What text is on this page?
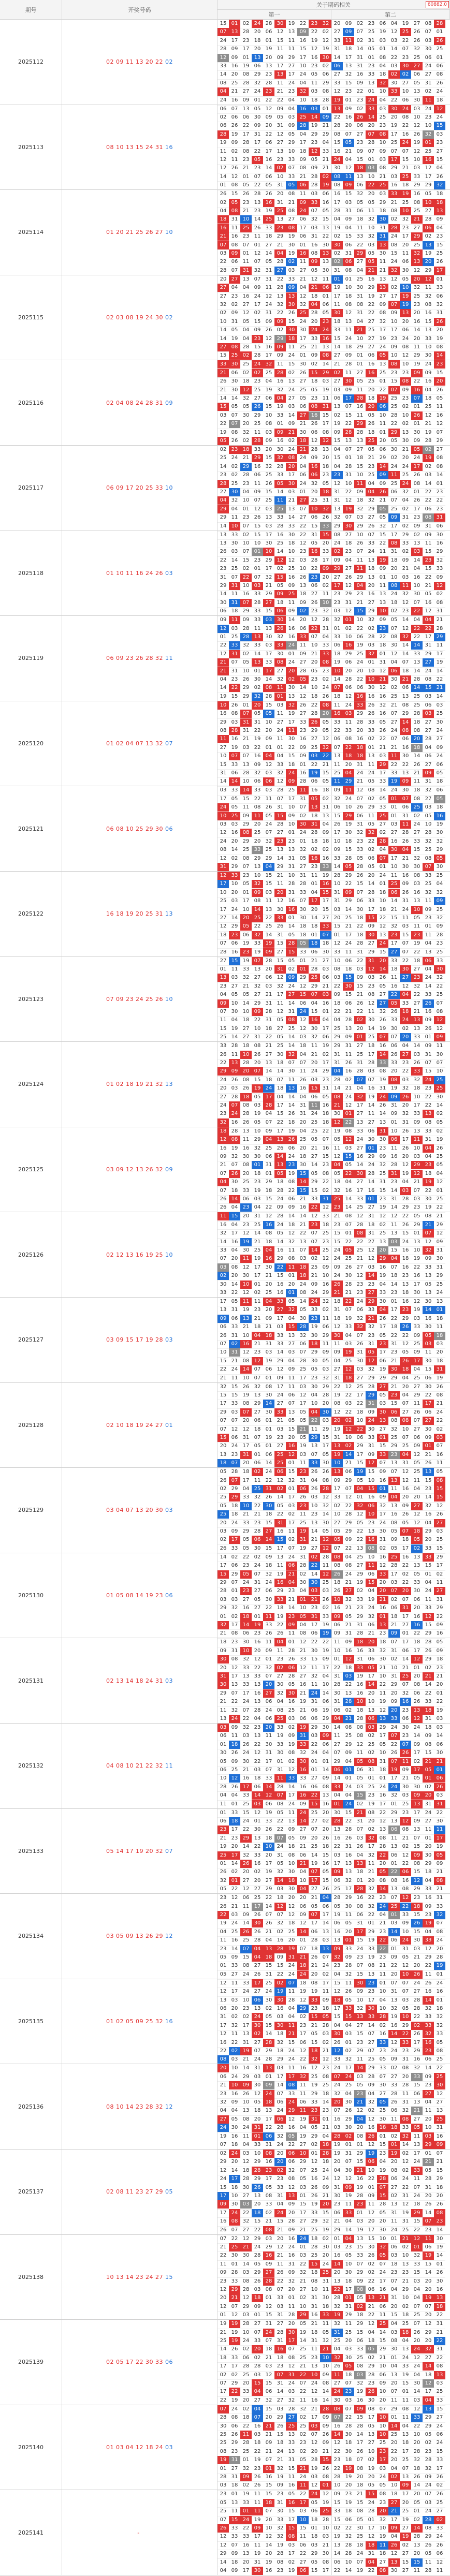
期号	开奖号码
关于期码相关
第一	第二
60882.0
2025112	02 09 11 13 20 22 02
15 01 02 24 28 30 19 22 23 32 20 09 02 23 06 04 19 27 08 28
07 13 28 20 06 12 13 09 22 02 27 09 07 25 19 12 25 26 07 01
24 17 23 18 01 15 11 16 19 12 33 11 02 31 03 03 22 26 03 26
28 09 17 20 19 11 11 15 12 19 31 18 14 05 01 14 07 32 30 25
12 09 01 13 20 09 29 17 16 30 14 17 31 01 08 22 23 25 06 01
33 16 19 06 13 17 27 10 23 02 06 13 31 23 04 03 30 27 24 06
14 20 08 29 23 13 17 24 05 06 27 32 16 33 18 02 02 06 27 08
08 25 28 32 28 11 24 04 11 29 33 15 09 13 32 30 27 05 31 26
04 21 27 24 23 21 23 32 03 08 12 23 22 01 10 33 10 13 02 24
24 16 09 01 22 22 04 10 18 28 19 01 23 24 04 22 06 30 11 18
2025113	08 10 13 15 24 31 16
06 07 13 05 12 09 04 16 03 01 13 09 02 33 03 30 24 03 24 12
02 06 06 30 09 05 03 25 14 09 22 16 26 14 25 20 08 10 23 24
06 26 22 09 20 31 09 28 19 21 28 20 06 20 23 19 22 12 10 15
28 19 17 31 22 12 05 04 29 29 08 07 27 07 08 17 16 26 32 03
19 09 28 17 06 27 29 17 23 04 15 05 23 28 10 25 24 19 01 23
11 02 08 22 17 13 10 18 12 33 16 21 09 07 09 07 07 12 25 27
12 11 23 05 16 23 33 09 05 21 24 04 15 01 03 17 15 10 16 15
12 26 21 23 14 02 07 08 09 21 30 12 18 03 08 29 21 03 12 04
14 12 01 07 06 10 33 21 28 02 08 11 13 10 21 03 25 33 17 26
01 08 05 22 05 31 05 06 28 19 08 09 06 22 25 16 18 29 29 32
2025114	01 20 21 25 26 27 10
26 15 26 28 26 20 08 11 03 06 16 15 32 20 03 33 19 16 05 18
02 05 23 13 16 31 21 09 33 16 17 03 05 05 29 21 25 08 10 18
04 08 21 23 19 25 08 24 07 05 28 31 06 11 18 08 10 25 27 13
18 31 10 14 25 13 27 06 32 15 04 09 18 32 30 02 32 21 28 09
16 11 25 26 33 23 08 17 03 13 19 04 11 10 31 28 23 27 06 04
21 16 23 11 18 29 19 06 31 22 02 15 33 32 31 24 17 29 02 23
07 08 07 01 27 21 30 01 16 30 30 06 22 03 13 08 20 25 13 15
03 09 01 12 14 04 19 16 08 13 02 31 29 05 30 15 11 32 19 25
22 06 11 07 05 28 02 11 09 13 02 06 27 05 11 24 06 13 20 26
28 07 31 32 31 27 03 27 05 30 31 08 04 21 21 32 30 12 29 17
2025115	02 03 08 19 24 30 02
20 27 13 07 31 22 33 21 12 11 01 01 25 16 13 12 05 20 12 01
27 04 04 09 11 28 09 04 21 06 19 10 30 29 13 02 10 32 11 33
27 23 16 24 12 13 13 12 18 01 17 18 31 19 27 17 19 25 32 06
32 02 27 17 24 32 30 32 04 06 11 08 08 22 09 07 19 23 08 32
02 09 12 02 31 22 26 25 28 05 30 12 31 22 08 09 13 20 16 31
10 31 05 15 09 09 15 24 20 23 18 13 04 27 32 10 20 16 15 26
14 05 04 09 26 02 30 30 24 24 33 11 21 25 17 17 06 14 13 20
14 19 04 23 12 29 18 17 33 16 15 24 10 27 19 23 24 20 33 19
27 08 28 15 16 09 11 25 21 13 14 18 29 27 24 09 08 11 10 08
15 25 02 28 17 09 24 01 09 08 27 09 01 06 05 10 12 29 30 14
2025116	02 04 08 24 28 31 09
33 30 25 24 32 11 15 30 02 14 21 28 01 16 13 08 10 19 24 23
21 06 02 02 25 28 02 26 15 29 02 11 27 16 25 23 23 09 09 15
26 30 18 23 04 16 13 27 18 03 27 30 05 25 01 15 08 22 16 20
21 30 12 25 19 32 24 25 05 19 03 09 11 20 22 07 09 16 04 26
14 14 32 27 06 04 27 05 23 11 06 17 28 18 19 25 23 07 18 05
15 05 05 26 15 19 03 06 08 31 13 07 16 20 06 25 02 01 25 11
03 07 30 29 10 33 14 27 16 15 02 15 11 05 10 28 10 26 12 16
22 07 20 25 08 01 09 21 26 17 19 22 29 26 11 22 02 01 21 12
19 08 32 11 03 09 21 30 06 08 09 28 28 18 01 29 13 30 19 07
05 26 02 28 09 16 02 18 12 12 15 13 13 25 20 05 30 09 28 29
2025117	06 09 17 20 25 33 10
02 23 18 33 20 30 24 21 28 13 04 07 27 05 06 30 21 05 02 27
25 24 21 29 15 32 08 24 09 20 15 01 18 21 29 02 20 24 19 08
14 02 29 16 32 28 20 04 16 18 04 28 15 23 14 24 24 17 02 08
23 02 28 06 25 33 17 06 06 23 23 31 10 25 09 11 25 26 03 14
28 25 23 11 26 05 30 24 32 05 12 10 11 04 09 25 24 08 14 01
27 30 04 09 15 14 03 01 20 18 31 22 09 04 26 06 32 01 22 23
04 32 10 07 25 11 21 27 25 31 31 12 18 32 21 07 04 26 22 22
29 04 01 12 03 25 13 07 10 32 13 19 32 29 05 25 02 17 06 23
29 11 23 26 13 33 14 27 06 26 32 07 03 27 05 09 31 23 08 31
14 10 07 15 03 28 33 22 15 33 29 30 29 26 32 17 02 09 31 06
2025118	01 10 11 16 24 26 03
13 33 02 15 17 16 30 22 31 15 08 27 10 07 15 17 29 02 09 30
13 30 10 10 30 25 18 12 05 20 24 18 26 33 22 08 33 13 11 16
26 03 07 01 10 14 10 23 16 33 02 23 07 24 11 31 02 03 15 29
22 14 15 23 29 12 12 03 28 17 09 04 11 13 19 18 09 14 23 32
23 25 02 01 17 02 25 10 22 09 29 27 11 18 09 20 21 04 15 33
31 07 22 07 32 15 16 26 23 20 27 26 29 13 01 10 03 16 22 09
29 31 10 03 21 05 09 13 06 02 17 12 04 20 11 08 11 10 21 12
14 11 16 33 29 09 25 18 27 11 23 29 23 16 13 24 32 30 05 02
30 31 07 28 27 18 11 09 26 10 23 31 21 27 13 18 12 07 16 08
06 18 29 33 15 06 09 02 23 32 03 12 15 29 10 02 23 22 12 31
2025119	06 09 23 26 28 32 11
09 11 09 33 03 30 14 20 12 28 32 01 10 32 09 05 14 04 04 21
12 03 28 11 13 26 16 06 22 31 01 02 22 02 23 07 12 22 22 28
01 25 28 13 30 32 16 33 07 04 33 10 06 28 22 08 32 22 17 29
22 33 32 33 03 33 24 11 10 33 06 16 19 03 18 30 14 14 31 11
12 31 02 14 17 30 01 09 21 33 18 29 25 32 01 12 14 33 29 17
21 07 05 13 33 08 24 27 20 08 19 06 24 01 31 04 07 13 27 19
21 31 10 01 17 27 20 28 05 23 10 20 20 10 12 06 18 14 24 14
04 23 26 30 14 32 02 05 23 02 14 28 22 10 21 30 21 28 08 22
14 22 29 02 08 11 30 14 10 24 07 06 06 30 12 02 06 14 15 21
19 15 29 32 28 01 13 12 18 26 18 12 16 16 16 25 13 25 03 14
2025120	01 02 04 07 13 32 07
10 26 01 20 15 03 32 26 22 08 11 24 33 26 32 21 08 25 06 03
16 08 07 05 05 11 19 27 28 20 16 03 29 26 16 07 29 28 03 25
29 03 31 31 10 27 17 33 26 05 33 11 28 33 05 27 14 18 27 30
08 28 31 22 20 24 11 23 29 05 22 33 20 33 26 24 08 08 27 24
11 16 21 19 09 11 30 16 27 12 06 08 16 02 22 07 06 20 28 27
27 19 03 22 01 01 22 09 25 32 07 22 18 01 21 21 16 18 04 09
10 07 07 16 04 04 15 09 03 22 13 18 18 13 03 11 30 14 06 24
15 33 13 09 12 33 18 01 22 21 11 20 31 11 29 22 22 26 27 06
31 06 28 32 03 32 24 16 19 15 25 04 24 24 17 33 13 21 09 05
14 14 10 06 06 12 09 28 06 05 11 29 21 05 33 19 09 11 31 18
2025121	06 08 10 25 29 30 06
03 33 14 33 03 28 25 11 16 18 09 11 12 08 14 24 30 18 32 06
17 05 15 22 11 07 17 31 05 02 32 24 07 02 05 01 07 08 27 05
24 05 11 08 26 31 10 07 13 31 06 10 26 29 33 01 06 25 03 18
10 25 09 11 05 15 09 02 18 13 15 29 06 11 25 01 31 02 05 16
03 03 29 20 24 28 10 30 31 04 26 19 31 05 27 03 11 24 10 19
12 16 08 25 07 27 01 24 28 09 17 30 32 32 02 27 28 27 28 30
24 20 29 20 32 23 23 01 18 18 10 18 23 22 28 16 26 33 32 32
08 14 25 33 25 13 13 32 02 02 09 15 33 02 04 30 04 15 25 29
12 02 08 29 29 14 31 05 16 16 33 28 05 06 07 17 21 32 08 05
31 29 07 13 04 29 31 27 23 33 14 05 28 05 01 10 30 30 07 30
2025122	16 18 19 20 25 31 13
12 33 23 10 15 21 10 31 11 19 28 29 26 20 24 11 16 08 33 25
17 10 05 32 15 11 28 28 01 16 10 22 15 14 01 25 09 03 25 04
10 20 01 09 03 20 31 33 04 15 31 09 07 28 18 06 26 16 32 32
25 03 17 08 11 12 16 07 17 17 31 29 06 33 10 14 31 13 11 09
17 24 10 14 13 30 16 30 20 15 03 14 30 17 18 21 24 10 09 25
27 14 20 25 22 33 01 30 14 27 20 25 18 15 22 15 11 05 23 32
12 29 05 22 25 26 14 18 18 33 15 21 22 09 12 32 03 11 01 09
18 23 06 32 14 31 05 18 01 07 01 17 18 30 13 23 15 23 11 28
07 06 19 33 19 15 28 05 18 18 12 24 28 27 24 17 07 19 04 23
28 16 23 19 09 27 15 33 06 30 33 11 31 29 15 27 07 22 13 25
2025123	07 09 23 24 25 26 10
27 15 19 07 28 15 05 01 21 27 10 06 22 31 20 33 22 18 06 33
01 11 33 13 20 31 02 01 28 03 08 18 03 12 14 18 30 27 04 30
13 03 32 27 06 12 09 29 25 06 03 15 09 03 26 11 27 23 24 32
23 27 21 32 03 32 24 12 29 21 22 30 15 23 05 16 12 32 14 22
04 05 05 27 21 17 27 15 07 03 09 15 21 08 27 22 04 22 33 25
09 10 14 29 31 11 14 06 04 16 18 06 26 12 27 05 33 27 26 07
07 30 10 09 28 12 31 24 15 01 22 21 22 11 32 26 18 21 16 08
11 04 18 22 31 05 08 12 16 04 04 28 02 30 26 33 24 13 09 12
15 19 27 10 18 27 25 12 30 17 25 13 20 14 19 30 02 13 26 12
25 14 27 31 22 05 14 03 32 06 29 09 01 25 07 07 20 33 01 09
2025124	01 02 18 19 21 32 13
33 28 18 08 21 25 14 18 11 19 29 31 27 18 16 06 04 14 09 11
26 11 10 26 27 30 32 04 21 02 31 11 25 17 14 26 27 03 31 30
22 13 28 20 13 18 07 07 20 17 31 26 31 28 33 33 23 26 07 07
29 09 20 07 14 14 30 11 24 29 04 16 28 03 08 20 22 33 15 10
24 26 08 15 18 07 11 26 03 23 28 02 07 07 19 08 03 32 24 25
20 03 26 19 24 18 13 16 15 31 14 21 04 16 31 19 32 18 23 25
27 28 18 05 17 04 14 04 06 05 08 24 32 19 24 09 26 10 22 30
24 07 08 03 28 17 14 31 11 16 21 12 17 14 26 31 20 17 22 14
23 24 28 19 04 15 26 31 24 18 30 01 27 11 14 09 32 33 13 02
32 16 26 05 07 22 18 20 25 18 12 22 13 27 13 01 31 09 08 05
2025125	03 09 12 13 26 32 09
18 28 13 10 09 17 19 04 25 22 19 08 33 06 31 10 26 13 33 02
12 08 11 29 04 13 26 25 05 07 05 12 24 30 30 06 17 11 31 19
16 19 16 32 25 26 06 20 21 16 11 03 27 01 23 11 26 10 04 26
09 32 30 30 06 14 24 18 27 15 12 15 16 29 09 16 20 03 04 25
21 07 08 01 31 13 23 30 14 23 04 05 14 24 32 28 12 29 23 05
07 26 20 18 01 05 19 15 05 08 05 22 30 28 25 31 19 12 18 04
04 30 25 23 29 18 08 14 29 22 18 04 27 14 31 23 04 21 19 12
07 18 33 19 18 28 22 15 15 02 32 16 17 16 15 14 03 07 22 01
26 14 06 03 15 24 06 21 33 31 25 14 33 01 23 31 28 03 30 25
26 04 23 04 22 09 09 16 22 12 23 14 25 27 19 14 29 23 19 22
2025126	02 12 13 16 19 25 10
11 15 20 31 12 28 14 14 12 33 21 08 12 31 12 12 22 05 08 21
16 04 23 25 16 24 18 21 23 18 23 07 28 18 02 11 26 29 21 29
32 17 12 14 08 05 12 22 07 25 15 01 08 31 25 13 15 01 07 12
14 16 19 21 18 14 32 13 07 23 15 22 22 27 13 03 24 13 12 09
33 04 30 25 04 16 11 07 14 25 24 05 25 12 20 15 16 10 32 31
07 20 11 19 16 29 08 03 02 12 24 25 21 12 29 04 18 19 09 30
03 08 12 17 30 22 11 18 25 09 09 26 27 03 16 07 16 22 33 31
02 20 30 17 21 15 01 18 21 10 24 30 12 14 19 18 23 16 13 29
30 14 10 01 20 16 20 24 09 16 26 28 23 23 04 14 13 17 05 25
33 22 12 02 25 16 01 08 24 29 21 21 23 27 33 23 18 30 13 24
2025127	03 09 15 17 19 28 03
17 05 11 11 04 33 05 14 24 32 18 22 24 29 30 01 16 12 30 13
13 31 19 23 20 27 32 05 33 02 31 07 06 33 04 17 23 19 14 01
09 06 13 21 09 17 04 30 23 11 18 19 32 21 26 22 29 03 16 18
06 33 21 18 21 03 15 28 19 06 12 33 32 32 17 18 26 33 30 11
26 31 10 04 18 33 13 32 30 29 30 04 07 23 05 22 22 09 05 18
07 02 16 21 31 33 27 06 18 11 11 03 26 31 23 31 12 25 03 03
10 31 12 23 03 14 03 07 29 09 09 19 31 05 17 23 05 09 11 20
15 21 08 12 19 29 04 28 30 05 04 25 30 12 06 21 26 17 30 18
22 24 14 07 06 12 09 25 05 03 27 12 03 32 19 30 18 04 15 31
21 11 10 07 01 09 11 17 23 32 31 18 27 29 29 29 04 25 06 19
2025128	02 10 18 19 24 27 01
32 15 26 32 08 17 11 03 30 29 22 12 25 28 27 21 20 27 30 26
15 15 19 13 30 24 06 12 04 28 19 22 17 29 05 23 04 29 22 08
17 33 08 29 14 27 07 17 10 20 08 03 22 31 03 15 07 11 17 21
29 03 07 27 30 33 13 05 04 30 12 22 18 09 30 06 27 26 06 24
07 07 20 06 01 21 05 05 22 03 20 02 10 24 13 08 08 07 27 22
07 12 12 18 01 03 15 21 11 29 19 12 22 30 27 32 10 27 30 02
15 06 31 07 19 23 20 05 29 15 31 10 06 33 01 25 07 06 09 03
20 24 17 05 01 27 16 19 13 17 13 02 29 31 15 29 25 09 01 07
13 23 31 01 06 25 12 03 07 05 19 14 17 09 33 23 04 12 21 16
18 07 20 06 14 25 01 11 33 30 10 21 15 12 07 13 31 05 26 11
2025129	03 04 07 13 20 30 03
05 28 18 02 24 06 15 23 26 26 13 06 19 15 09 07 12 25 13 05
26 07 17 11 22 12 32 31 04 08 09 29 05 10 16 13 12 11 15 08
02 29 04 25 31 02 01 06 26 28 17 07 04 15 01 11 16 04 23 15
25 29 33 32 26 14 17 26 03 12 33 12 01 16 09 04 20 20 14 15
05 18 10 22 30 05 03 23 10 32 02 22 32 06 32 13 09 27 32 12
25 18 21 21 18 22 02 11 23 14 10 28 12 10 17 16 26 12 16 26
20 24 33 23 15 31 17 25 13 30 27 29 05 23 24 08 05 12 04 27
03 09 29 28 27 16 11 19 14 05 05 29 22 13 30 05 07 18 29 03
02 17 05 06 14 15 02 31 21 12 05 09 22 16 31 09 18 05 20 25
26 33 05 30 15 17 07 19 27 12 07 22 13 08 02 05 17 02 33 15
2025130	01 05 08 14 19 23 06
14 02 22 02 09 13 24 31 02 28 08 04 25 10 16 25 16 13 33 29
17 06 23 24 18 11 06 28 22 11 08 08 27 11 12 28 22 13 15 17
15 29 05 07 32 19 21 02 14 12 26 24 29 06 33 17 02 05 01 02
29 07 24 31 24 16 04 30 30 25 18 21 19 15 20 03 22 33 04 11
28 01 23 27 06 29 23 04 03 03 26 27 02 04 20 07 20 30 24 27
03 03 27 05 30 33 21 01 21 26 10 32 33 19 21 02 07 06 11 31
29 32 16 27 22 18 14 10 23 02 16 21 23 24 16 06 31 20 33 29
01 02 18 01 11 19 23 05 31 33 09 05 29 32 01 18 17 16 12 22
32 17 14 19 33 22 09 04 17 19 06 21 31 06 13 21 27 16 15 09
21 08 06 23 26 26 11 08 06 19 09 31 28 21 23 09 01 22 29 16
2025131	02 13 14 18 24 31 03
18 23 30 16 11 04 01 12 22 22 11 09 18 20 18 07 17 18 28 05
09 31 10 20 09 11 28 21 30 19 10 16 16 33 32 31 06 17 26 09
30 08 32 12 01 23 26 33 15 09 01 12 31 06 30 02 14 12 29 18
20 12 33 22 32 02 06 12 11 17 22 18 33 05 21 10 21 01 02 23
31 17 13 33 07 27 28 27 32 04 31 03 19 17 10 31 25 20 21 21
30 13 33 13 20 30 05 16 11 10 28 22 16 14 22 29 07 08 14 20
29 07 17 16 27 32 30 21 24 14 30 13 16 20 11 20 32 06 22 01
21 22 24 13 06 04 16 19 31 06 31 28 10 10 19 09 16 26 33 22
11 32 07 28 24 08 25 21 06 19 06 02 18 13 12 20 23 13 18 19
13 24 22 04 06 25 03 06 06 29 04 21 28 06 13 33 06 12 31 03
2025132	04 08 10 21 22 32 11
03 09 32 23 20 33 02 19 29 30 14 08 08 03 29 24 30 24 18 03
06 11 03 13 11 19 09 31 03 09 11 25 08 02 17 07 23 14 09 14
01 18 26 22 30 33 19 33 22 06 27 29 12 25 05 22 07 09 08 06
30 26 24 12 31 30 08 32 24 04 07 09 11 02 10 26 26 17 15 30
05 09 30 22 17 01 02 30 01 01 29 04 05 08 31 07 11 02 21 21
06 25 21 03 07 31 12 16 01 14 06 01 06 31 18 19 09 17 05 01
10 12 16 18 33 11 33 33 27 09 14 01 05 01 01 17 21 05 01 06
28 26 17 06 14 28 14 16 06 08 33 24 03 25 24 24 30 30 02 26
04 04 33 14 12 07 17 16 22 13 04 04 15 23 16 32 03 09 20 03
11 01 25 03 06 08 24 09 15 16 01 24 02 19 17 01 25 13 31 31
2025133	05 14 17 19 20 32 07
01 33 15 12 19 05 11 24 25 20 30 15 21 08 22 29 23 17 24 22
06 18 24 01 33 22 13 14 27 02 28 22 31 20 12 13 12 09 27 30
23 17 22 30 26 22 09 27 07 20 13 28 07 02 13 06 08 13 11 11
21 23 29 13 18 07 05 09 20 26 16 26 03 32 08 11 21 07 01 17
19 20 14 22 10 24 18 21 25 18 22 31 26 17 28 13 02 15 20 19
25 17 32 33 20 31 08 06 14 15 03 16 04 32 22 06 12 09 30 05
01 14 26 16 17 05 10 21 19 16 17 13 13 11 20 01 22 08 29 09
26 02 20 02 19 32 30 04 07 05 09 13 18 21 05 22 06 15 18 21
32 01 27 20 27 14 18 10 17 15 06 32 01 20 08 08 16 12 04 08
05 22 12 27 29 03 30 04 27 26 25 17 28 32 14 13 08 29 33 21
2025134	03 05 09 13 26 29 12
23 12 06 25 22 18 20 20 21 04 28 29 16 22 23 07 12 23 16 31
26 21 11 17 14 12 12 06 05 06 05 30 08 32 24 25 22 18 09 33
22 03 09 26 07 07 12 09 07 17 19 11 06 22 04 01 33 15 23 32
19 24 14 30 26 32 18 12 17 14 06 05 31 01 21 03 09 26 19 07
04 25 26 26 21 02 25 14 06 13 16 20 17 29 23 14 10 15 04 08
11 16 25 28 04 16 20 01 28 03 13 01 15 19 22 06 24 30 33 24
23 14 07 04 13 28 19 07 18 13 09 33 24 33 22 01 31 03 12 20
05 09 15 04 18 09 31 21 26 07 32 09 23 19 23 09 05 21 29 28
01 33 08 27 15 15 24 18 21 24 23 28 07 08 21 22 12 20 22 19
05 27 24 26 31 22 24 24 20 02 04 32 15 13 11 20 10 26 11 01
2025135	01 02 05 09 25 32 16
12 11 33 17 25 02 07 18 08 17 15 11 30 23 01 07 07 24 26 24
12 17 24 27 24 19 11 19 19 11 12 26 09 23 10 31 07 27 16 16
13 03 10 06 30 30 28 12 33 09 18 05 10 17 04 13 03 28 14 01
06 20 23 13 02 16 04 29 23 18 17 33 32 30 10 32 05 28 32 18
31 02 02 24 05 03 04 02 15 05 15 15 13 33 28 19 10 22 33 32
17 32 17 30 15 30 11 23 21 28 04 04 27 14 02 16 29 02 33 32
12 11 13 02 14 18 21 17 05 03 30 03 15 07 16 14 22 26 32 33
16 22 31 27 28 32 15 06 15 02 26 01 23 27 33 12 33 17 16 05
22 02 19 07 29 18 24 12 18 21 12 02 29 07 23 24 23 29 23 08
08 03 21 24 28 29 24 22 32 12 33 32 11 25 05 09 31 16 06 25
2025136	08 10 14 23 28 32 12
20 10 14 31 13 03 11 16 12 23 24 17 14 29 33 02 08 32 14 22
06 24 29 03 01 17 17 32 25 08 07 24 03 28 07 27 20 33 09 25
21 10 09 30 09 14 08 11 19 25 24 25 05 09 30 33 28 15 23 30
23 16 26 12 24 07 33 11 29 18 32 04 23 04 27 28 11 06 27 12
32 09 10 05 18 06 24 06 33 14 20 30 21 32 05 26 31 13 04 27
04 04 13 18 13 24 29 11 23 23 07 26 12 02 25 06 32 21 11 13
27 05 08 20 17 06 12 19 31 01 16 29 04 12 30 11 08 27 20 25
24 30 24 31 22 28 16 04 05 21 03 30 20 16 18 18 33 05 10 31
19 16 11 01 06 32 05 19 29 04 28 02 08 26 01 02 32 11 03 16
07 18 04 33 31 24 22 27 02 18 19 01 01 12 15 01 14 13 29 09
2025137	02 08 11 23 27 29 05
02 24 03 10 08 20 06 10 01 28 19 31 29 19 23 19 02 17 01 07
29 20 12 29 16 20 06 29 12 18 20 07 15 06 04 20 12 24 21 21
12 14 18 28 23 02 32 07 25 24 04 30 21 10 19 08 02 33 05 15
24 17 28 29 17 23 08 05 16 24 12 12 16 22 28 06 24 11 28 29
15 18 30 26 05 33 12 03 26 09 31 09 19 01 07 27 22 07 31 18
17 10 27 13 08 31 13 01 26 21 30 19 28 09 15 02 31 24 20 20
09 30 03 20 33 04 09 15 19 20 23 11 23 11 28 13 12 18 26 26
17 24 22 18 02 24 20 17 33 15 06 33 01 12 05 31 19 29 14 08
16 08 32 15 21 15 28 27 29 32 21 04 03 20 20 11 31 15 07 23
26 07 27 22 08 21 09 21 25 19 29 14 19 17 30 24 25 22 23 14
2025138	10 13 14 23 24 27 15
07 22 12 29 03 20 16 24 18 02 01 04 13 15 10 01 21 12 11 30
21 25 21 24 29 12 24 01 28 30 03 23 15 30 32 06 02 01 06 19
22 30 30 28 16 21 16 03 25 20 16 05 33 26 05 03 10 32 19 14
11 01 14 05 09 11 31 22 15 24 14 10 07 02 07 18 13 33 15 01
09 28 03 29 27 26 09 32 18 25 20 30 29 02 24 23 23 15 14 26
23 33 08 26 28 22 32 21 08 31 13 18 09 22 17 07 21 03 20 30
12 29 28 03 08 07 20 27 10 11 22 17 08 06 16 04 29 04 20 16
20 21 12 18 01 33 01 02 31 30 28 01 05 13 21 31 10 04 19 13
12 07 29 09 12 03 11 10 31 18 32 31 02 21 06 20 02 07 07 18
01 12 03 01 15 31 28 29 16 33 19 29 18 22 11 15 18 25 20 22
2025139	02 05 17 22 30 33 06
19 19 28 27 31 27 20 05 21 11 32 11 29 12 25 04 25 07 12 31
21 19 10 07 24 28 30 19 18 05 31 25 15 04 14 03 18 26 29 21
25 19 24 33 07 31 17 14 31 32 25 20 06 18 15 08 04 20 20 22
14 26 02 20 18 16 07 25 11 21 04 03 33 05 29 30 13 24 32 31
18 33 06 02 21 18 08 25 23 10 32 30 25 02 21 01 24 12 27 22
17 17 28 28 03 23 12 21 13 10 26 05 08 29 10 04 33 24 14 08
02 02 25 03 12 07 31 22 10 09 11 18 03 28 06 13 19 04 18 13
07 29 20 15 15 31 24 07 24 08 27 07 32 23 09 20 15 30 12 03
17 22 33 04 06 14 03 22 12 14 24 23 19 26 10 07 01 14 17 25
22 19 20 27 32 27 32 11 16 14 30 03 16 30 20 11 11 03 04 33
2025140	01 03 04 12 18 24 03
07 24 02 04 15 03 28 32 21 28 08 07 09 08 07 29 08 12 13 15
28 08 18 07 20 29 27 02 17 09 07 22 15 17 10 01 11 33 29 27
30 06 22 16 21 26 25 25 03 09 16 28 28 05 10 14 04 22 29 24
25 26 11 03 21 15 13 02 07 26 14 30 14 13 10 25 13 10 05 06
25 29 28 18 09 18 33 23 12 09 12 18 17 27 25 20 18 20 02 24
08 23 25 22 21 24 13 02 20 21 22 30 26 10 23 22 17 28 23 15
19 31 01 19 07 21 31 05 28 15 23 18 07 02 17 20 25 32 28 33
01 27 32 23 01 32 15 21 19 26 22 19 08 19 03 04 07 18 32 17
28 31 09 26 16 19 11 24 03 08 28 19 20 20 24 02 13 26 09 26
03 18 02 26 15 09 16 11 12 01 10 20 18 05 05 10 09 14 24 02
2025141	-
23 01 19 11 15 23 05 22 24 12 09 23 21 15 08 18 17 20 07 26
05 13 33 11 18 31 16 17 05 19 15 19 15 24 23 27 20 05 03 25
25 11 01 11 07 30 15 03 06 25 33 18 08 28 20 21 25 01 24 27
07 15 24 19 20 33 17 10 18 28 15 06 05 01 32 17 19 02 28 02
26 33 22 09 10 32 15 15 01 10 02 22 30 17 10 09 27 14 08 33
12 33 33 17 12 32 08 11 18 03 19 32 25 12 19 04 19 28 29 24
12 07 16 11 14 19 03 06 03 21 13 28 18 18 11 26 02 13 26 26
29 09 13 19 20 28 17 22 29 30 14 28 24 31 18 12 27 20 05 06
14 18 20 31 19 08 02 27 05 08 06 10 07 04 27 13 15 15 11 12
04 09 17 30 16 23 19 06 15 17 22 14 19 22 08 30 27 11 28 11
